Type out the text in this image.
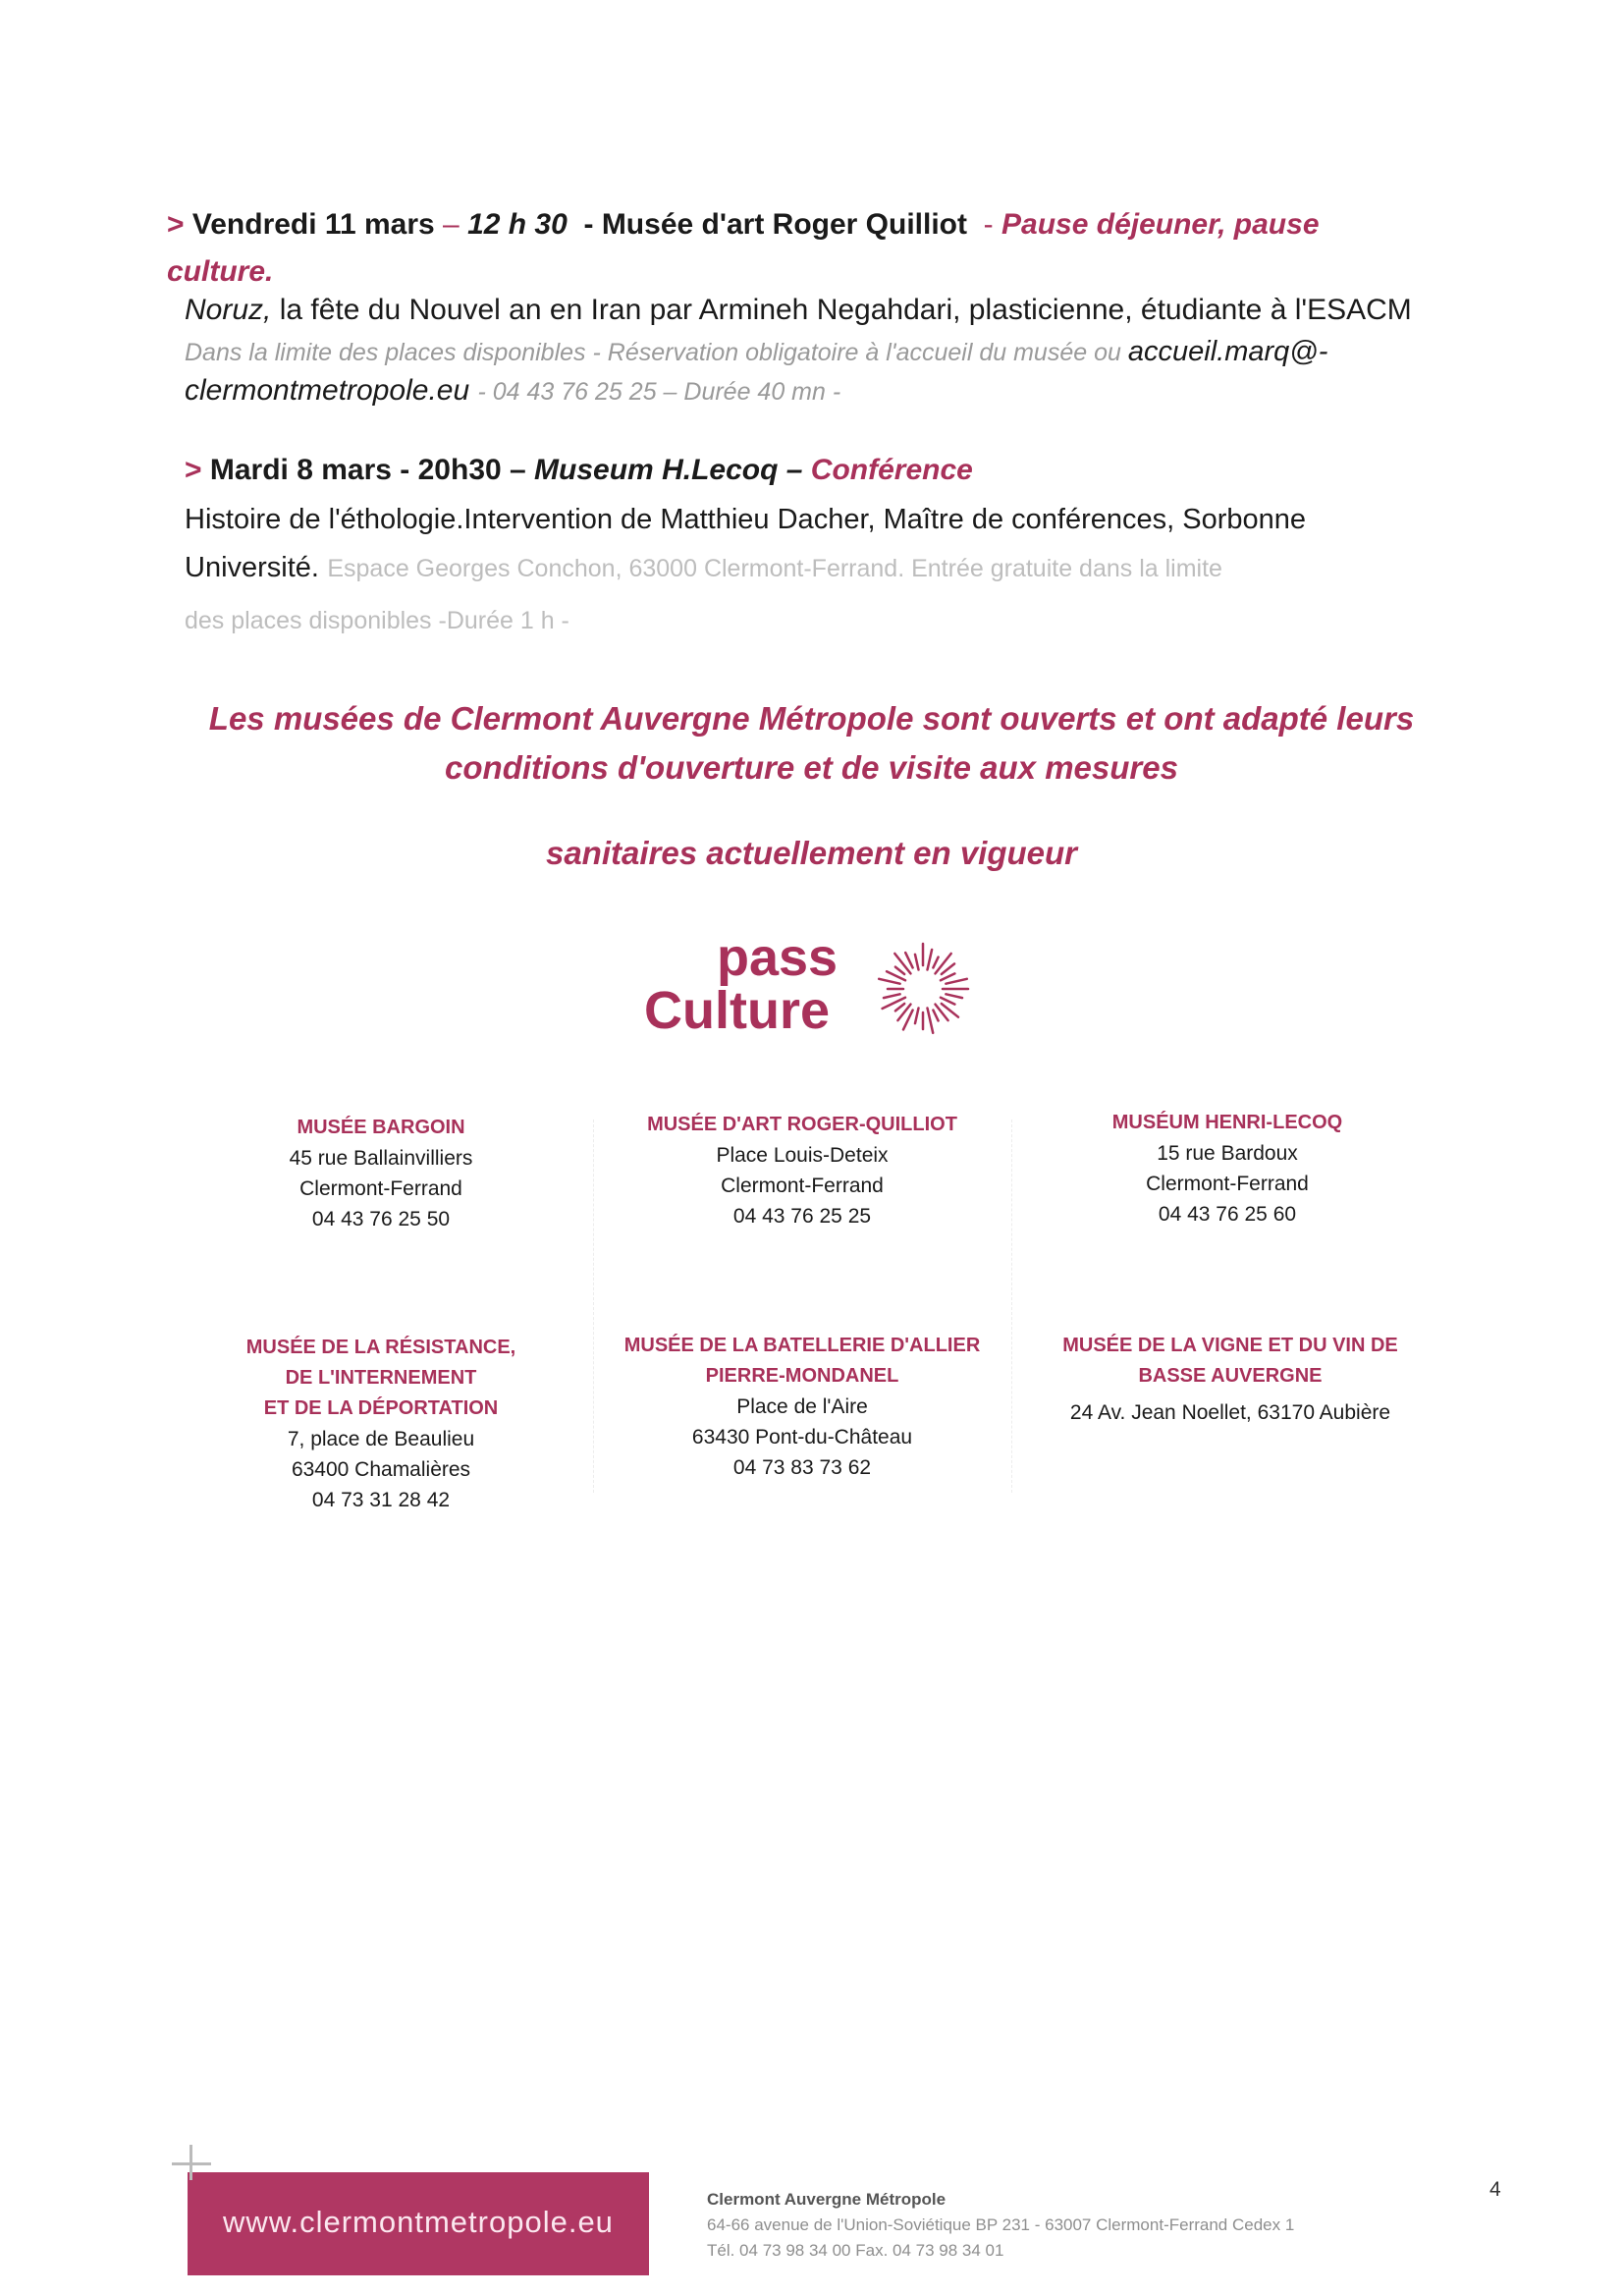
> Vendredi 11 mars – 12 h 30 - Musée d'art Roger Quilliot - Pause déjeuner, pause
culture.
Noruz, la fête du Nouvel an en Iran par Armineh Negahdari, plasticienne, étudiante à l'ESACM
Dans la limite des places disponibles - Réservation obligatoire à l'accueil du musée ou accueil.marq@-
clermontmetropole.eu - 04 43 76 25 25 – Durée 40 mn -
> Mardi 8 mars - 20h30 – Museum H.Lecoq – Conférence
Histoire de l'éthologie.Intervention de Matthieu Dacher, Maître de conférences, Sorbonne
Université. Espace Georges Conchon, 63000 Clermont-Ferrand. Entrée gratuite dans la limite
des places disponibles -Durée 1 h -
Les musées de Clermont Auvergne Métropole sont ouverts et ont adapté leurs
conditions d'ouverture et de visite aux mesures
sanitaires actuellement en vigueur
pass
Culture
MUSÉE BARGOIN
45 rue Ballainvilliers
Clermont-Ferrand
04 43 76 25 50
MUSÉE D'ART ROGER-QUILLIOT
Place Louis-Deteix
Clermont-Ferrand
04 43 76 25 25
MUSÉUM HENRI-LECOQ
15 rue Bardoux
Clermont-Ferrand
04 43 76 25 60
MUSÉE DE LA RÉSISTANCE,
DE L'INTERNEMENT
ET DE LA DÉPORTATION
7, place de Beaulieu
63400 Chamalières
04 73 31 28 42
MUSÉE DE LA BATELLERIE D'ALLIER
PIERRE-MONDANEL
Place de l'Aire
63430 Pont-du-Château
04 73 83 73 62
MUSÉE DE LA VIGNE ET DU VIN DE
BASSE AUVERGNE
24 Av. Jean Noellet, 63170 Aubière
www.clermontmetropole.eu
Clermont Auvergne Métropole
64-66 avenue de l'Union-Soviétique BP 231 - 63007 Clermont-Ferrand Cedex 1
Tél. 04 73 98 34 00 Fax. 04 73 98 34 01
4
